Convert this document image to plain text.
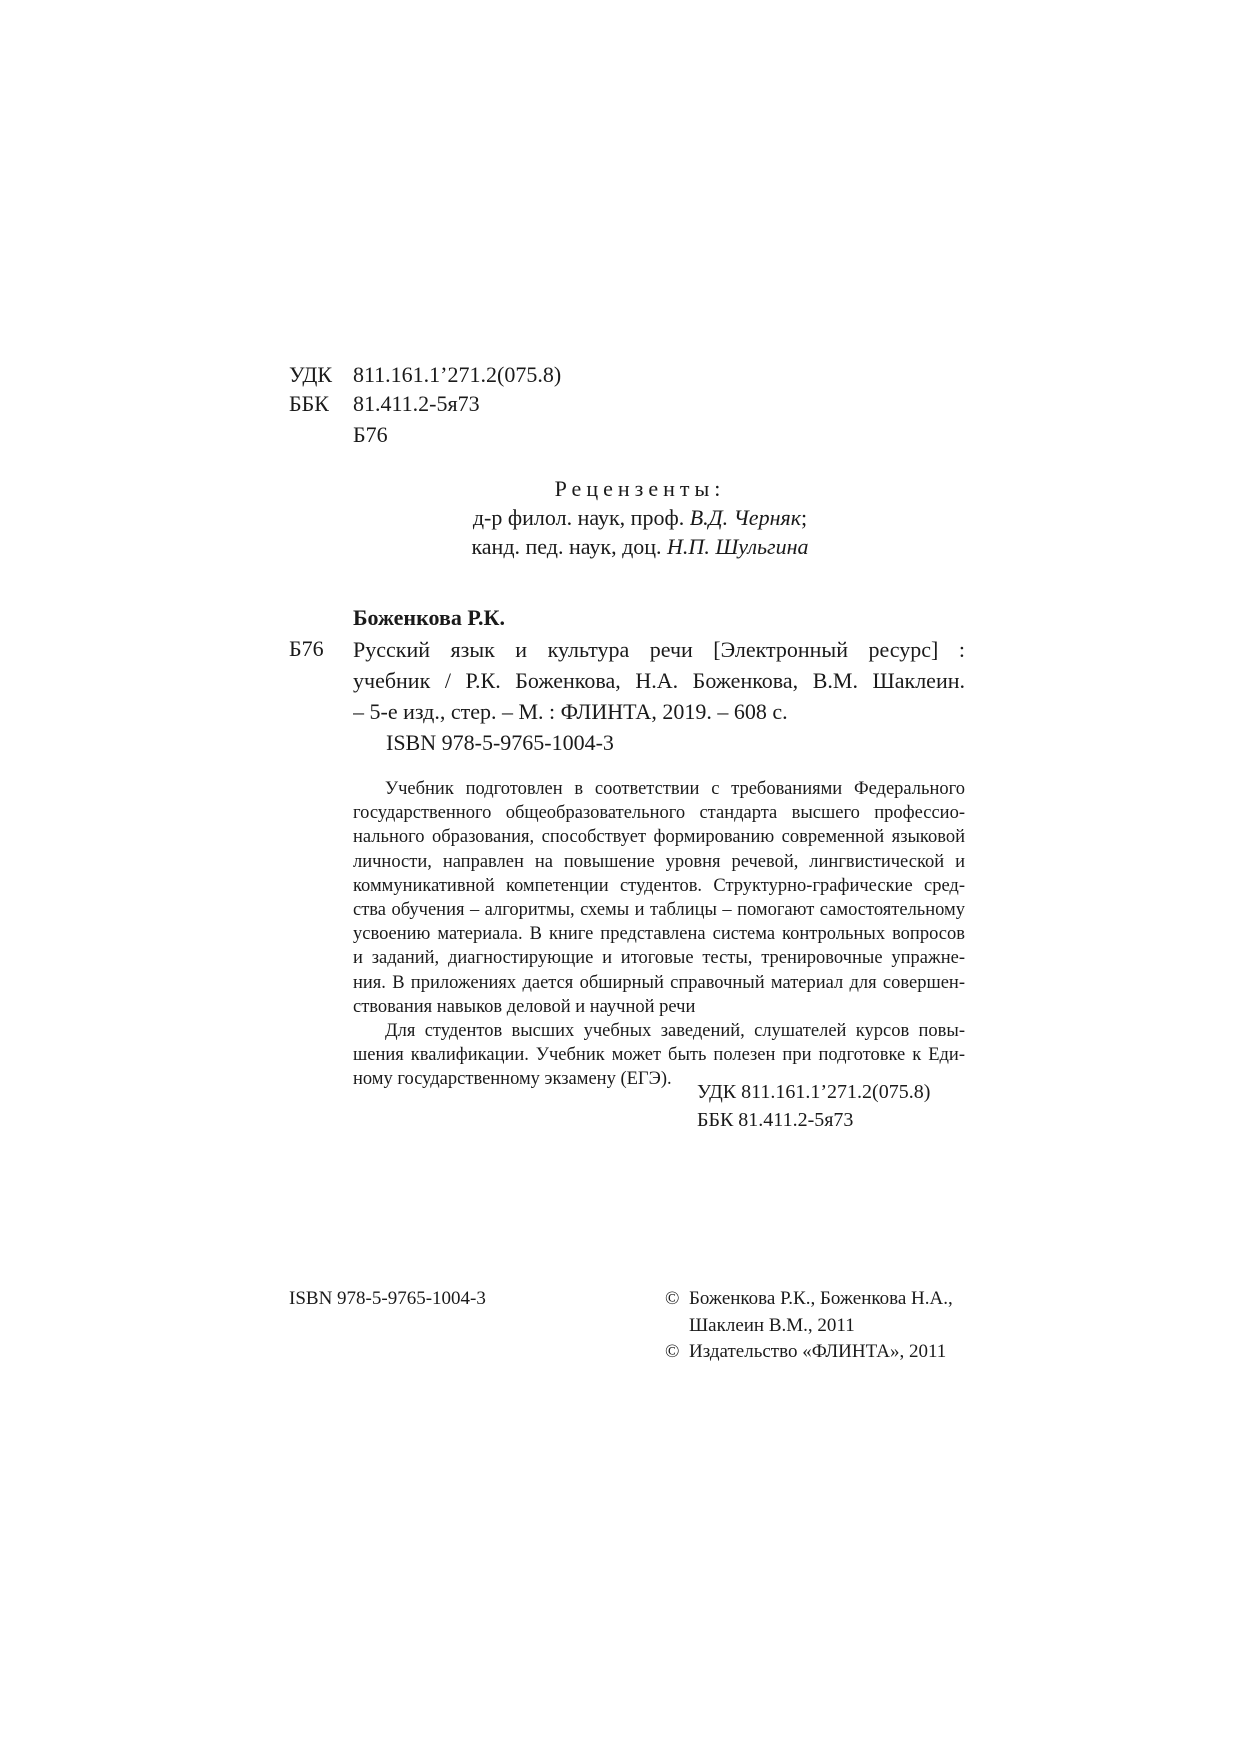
УДК 811.161.1’271.2(075.8)
ББК	81.411.2-5я73
Б76
Рецензенты:
д-р филол. наук, проф. В.Д. Черняк;
канд. пед. наук, доц. Н.П. Шульгина
Боженкова Р.К.
Б76 Русский язык и культура речи [Электронный ресурс] :
учебник / Р.К. Боженкова, Н.А. Боженкова, В.М. Шаклеин.
– 5-е изд., стер. – М. : ФЛИНТА, 2019. – 608 с.
ISBN 978-5-9765-1004-3
Учебник подготовлен в соответствии с требованиями Федерального
государственного общеобразовательного стандарта высшего профессио-
нального образования, способствует формированию современной языковой
личности, направлен на повышение уровня речевой, лингвистической и
коммуникативной компетенции студентов. Структурно-графические сред-
ства обучения – алгоритмы, схемы и таблицы – помогают самостоятельному
усвоению материала. В книге представлена система контрольных вопросов
и заданий, диагностирующие и итоговые тесты, тренировочные упражне-
ния. В приложениях дается обширный справочный материал для совершен-
ствования навыков деловой и научной речи
Для студентов высших учебных заведений, слушателей курсов повы-
шения квалификации. Учебник может быть полезен при подготовке к Еди-
ному государственному экзамену (ЕГЭ).
УДК 811.161.1’271.2(075.8)
ББК 81.411.2-5я73
ISBN 978-5-9765-1004-3	© Боженкова Р.К., Боженкова Н.А.,
Шаклеин В.М., 2011
© Издательство «ФЛИНТА», 2011
